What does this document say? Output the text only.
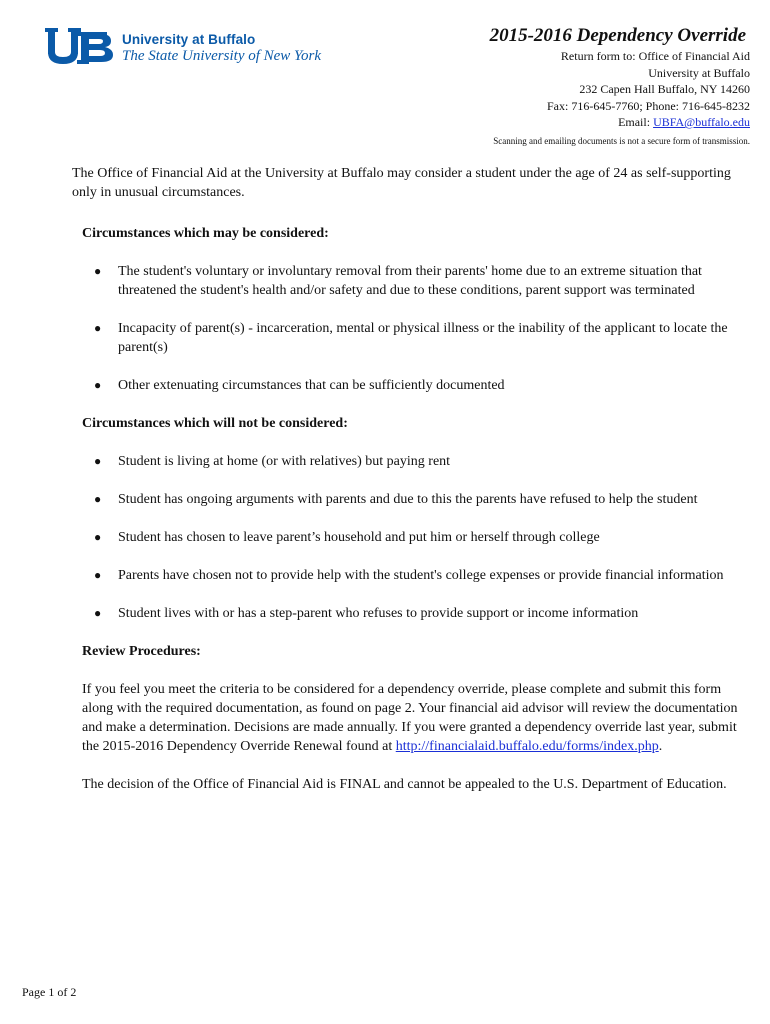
University at Buffalo
The State University of New York
2015-2016 Dependency Override
Return form to: Office of Financial Aid
University at Buffalo
232 Capen Hall Buffalo, NY 14260
Fax: 716-645-7760; Phone: 716-645-8232
Email: UBFA@buffalo.edu
Scanning and emailing documents is not a secure form of transmission.
The Office of Financial Aid at the University at Buffalo may consider a student under the age of 24 as self-supporting only in unusual circumstances.

Circumstances which may be considered:

● The student's voluntary or involuntary removal from their parents' home due to an extreme situation that threatened the student's health and/or safety and due to these conditions, parent support was terminated
● Incapacity of parent(s) - incarceration, mental or physical illness or the inability of the applicant to locate the parent(s)
● Other extenuating circumstances that can be sufficiently documented

Circumstances which will not be considered:

● Student is living at home (or with relatives) but paying rent
● Student has ongoing arguments with parents and due to this the parents have refused to help the student
● Student has chosen to leave parent’s household and put him or herself through college
● Parents have chosen not to provide help with the student's college expenses or provide financial information
● Student lives with or has a step-parent who refuses to provide support or income information

Review Procedures:

If you feel you meet the criteria to be considered for a dependency override, please complete and submit this form along with the required documentation, as found on page 2. Your financial aid advisor will review the documentation and make a determination. Decisions are made annually. If you were granted a dependency override last year, submit the 2015-2016 Dependency Override Renewal found at http://financialaid.buffalo.edu/forms/index.php.

The decision of the Office of Financial Aid is FINAL and cannot be appealed to the U.S. Department of Education.

Page 1 of 2
